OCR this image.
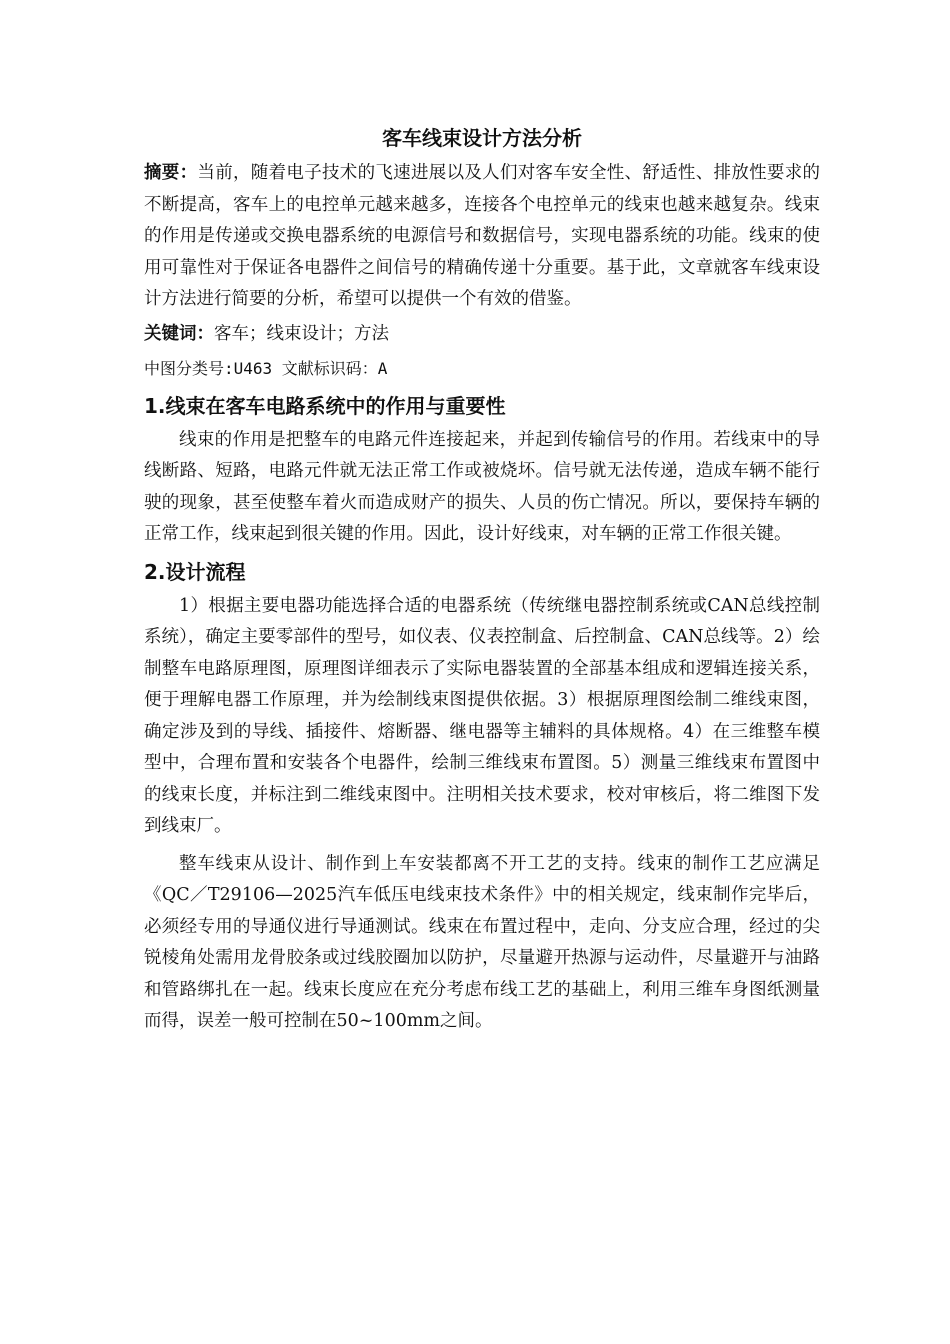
客车线束设计方法分析

摘要：当前，随着电子技术的飞速进展以及人们对客车安全性、舒适性、排放性要求的不断提高，客车上的电控单元越来越多，连接各个电控单元的线束也越来越复杂。线束的作用是传递或交换电器系统的电源信号和数据信号，实现电器系统的功能。线束的使用可靠性对于保证各电器件之间信号的精确传递十分重要。基于此，文章就客车线束设计方法进行简要的分析，希望可以提供一个有效的借鉴。

关键词：客车；线束设计；方法

中图分类号:U463 文献标识码：A

1.线束在客车电路系统中的作用与重要性

线束的作用是把整车的电路元件连接起来，并起到传输信号的作用。若线束中的导线断路、短路，电路元件就无法正常工作或被烧坏。信号就无法传递，造成车辆不能行驶的现象，甚至使整车着火而造成财产的损失、人员的伤亡情况。所以，要保持车辆的正常工作，线束起到很关键的作用。因此，设计好线束，对车辆的正常工作很关键。

2.设计流程

1）根据主要电器功能选择合适的电器系统（传统继电器控制系统或CAN总线控制系统），确定主要零部件的型号，如仪表、仪表控制盒、后控制盒、CAN总线等。2）绘制整车电路原理图，原理图详细表示了实际电器装置的全部基本组成和逻辑连接关系，便于理解电器工作原理，并为绘制线束图提供依据。3）根据原理图绘制二维线束图，确定涉及到的导线、插接件、熔断器、继电器等主辅料的具体规格。4）在三维整车模型中，合理布置和安装各个电器件，绘制三维线束布置图。5）测量三维线束布置图中的线束长度，并标注到二维线束图中。注明相关技术要求，校对审核后，将二维图下发到线束厂。

整车线束从设计、制作到上车安装都离不开工艺的支持。线束的制作工艺应满足《QC／T29106—2025汽车低压电线束技术条件》中的相关规定，线束制作完毕后，必须经专用的导通仪进行导通测试。线束在布置过程中，走向、分支应合理，经过的尖锐棱角处需用龙骨胶条或过线胶圈加以防护，尽量避开热源与运动件，尽量避开与油路和管路绑扎在一起。线束长度应在充分考虑布线工艺的基础上，利用三维车身图纸测量而得，误差一般可控制在50~100mm之间。
